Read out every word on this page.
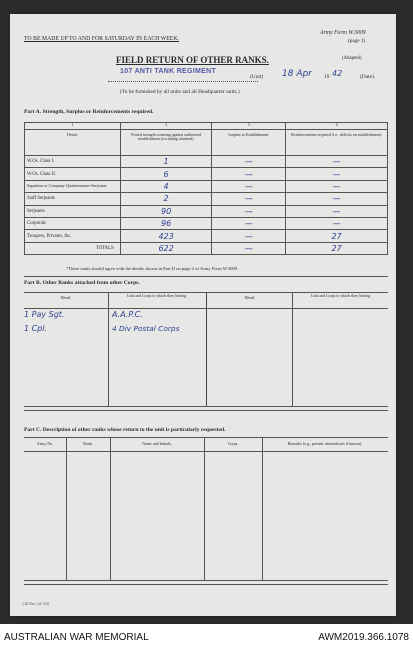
TO BE MADE UP TO AND FOR SATURDAY IN EACH WEEK.
Army Form W.3009
(page 1)
(Adapted)
FIELD RETURN OF OTHER RANKS.
107 ANTI TANK REGIMENT
(Unit) 18 Apr 19 42	(Date).
(To be furnished by all units and all Headquarter units.)
Part A. Strength, Surplus or Reinforcements required.
1	2	3	4
Detail.	Posted strength counting against authorized establishment (excluding attached).	Surplus to Establishment.	Reinforcements required (i.e., deficits on establishment).
W.Os. Class I.	1	—	—
W.Os. Class II.	6	—	—
Squadron or Company Quartermaster-Serjeants	4	—	—
Staff Serjeants	2	—	—
Serjeants	90	—	—
Corporals	96	—	—
Troopers, Privates, &c.	423	—	27
TOTALS	622	—	27
*These totals should agree with the details shown in Part D on page 2 of Army Form W.3009.
Part B. Other Ranks attached from other Corps.
Detail.	Unit and Corps to which they belong.	Detail.	Unit and Corps to which they belong.
1 Pay Sgt.	A.A.P.C.
1 Cpl.	4 Div Postal Corps
Part C. Description of other ranks whose return to the unit is particularly requested.
Army No.	Rank.	Name and Initials.	Corps.	Remarks (e.g., present whereabouts if known).
2.40 Dm. Ltd. 5/41
AUSTRALIAN WAR MEMORIAL	AWM2019.366.1078
